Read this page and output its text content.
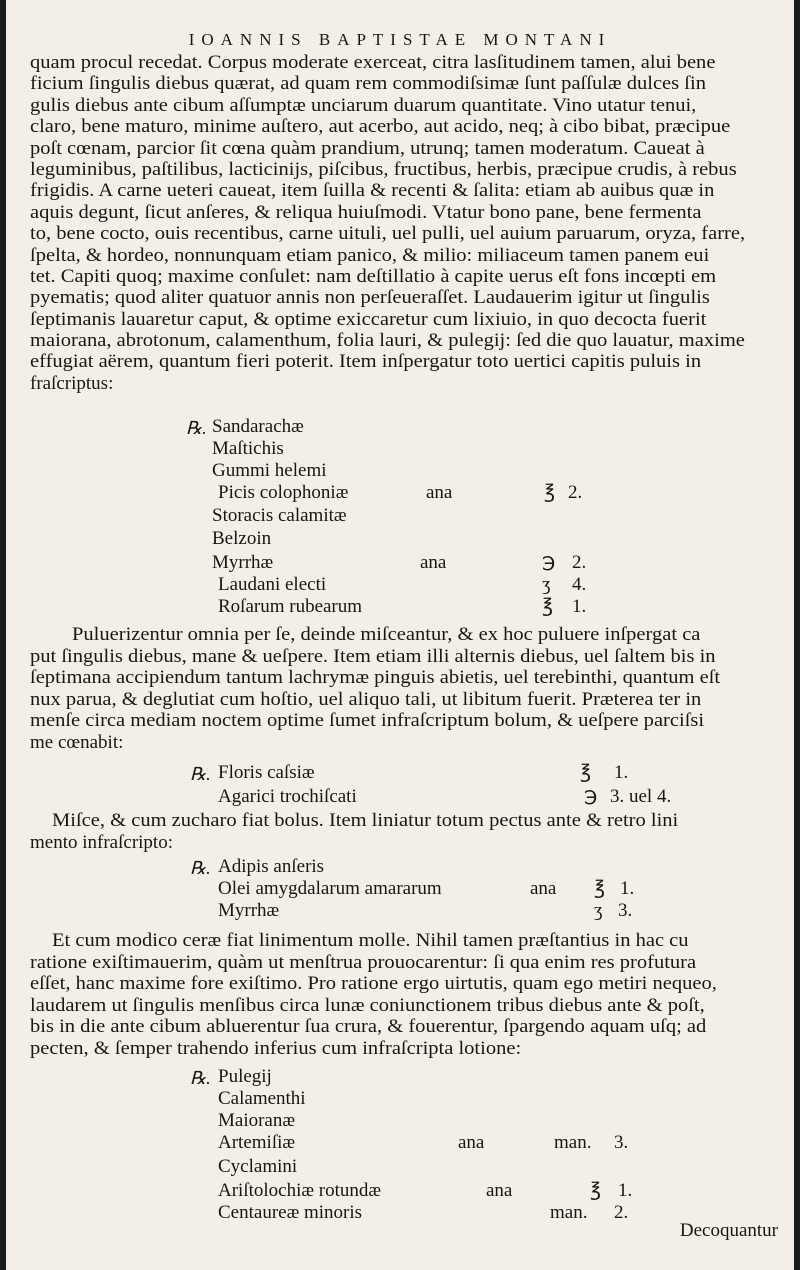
IOANNIS BAPTISTAE MONTANI
quam procul recedat. Corpus moderate exerceat, citra lasſitudinem tamen, alui bene
ficium ſingulis diebus quærat, ad quam rem commodiſsimæ ſunt paſſulæ dulces ſin
gulis diebus ante cibum aſſumptæ unciarum duarum quantitate. Vino utatur tenui,
claro, bene maturo, minime auſtero, aut acerbo, aut acido, neq; à cibo bibat, præcipue
poſt cœnam, parcior ſit cœna quàm prandium, utrunq; tamen moderatum. Caueat à
leguminibus, paſtilibus, lacticinijs, piſcibus, fructibus, herbis, præcipue crudis, à rebus
frigidis. A carne ueteri caueat, item ſuilla & recenti & ſalita: etiam ab auibus quæ in
aquis degunt, ſicut anſeres, & reliqua huiuſmodi. Vtatur bono pane, bene fermenta
to, bene cocto, ouis recentibus, carne uituli, uel pulli, uel auium paruarum, oryza, farre,
ſpelta, & hordeo, nonnunquam etiam panico, & milio: miliaceum tamen panem eui
tet. Capiti quoq; maxime conſulet: nam deſtillatio à capite uerus eſt fons incœpti em
pyematis; quod aliter quatuor annis non perſeueraſſet. Laudauerim igitur ut ſingulis
ſeptimanis lauaretur caput, & optime exiccaretur cum lixiuio, in quo decocta fuerit
maiorana, abrotonum, calamenthum, folia lauri, & pulegij: ſed die quo lauatur, maxime
effugiat aërem, quantum fieri poterit. Item inſpergatur toto uertici capitis puluis in
fraſcriptus:
℞. Sandarachæ
Maſtichis
Gummi helemi
Picis colophoniæ	ana	℥ 2.
Storacis calamitæ
Belzoin
Myrrhæ	ana	℈ 2.
Laudani electi	ʒ 4.
Roſarum rubearum	℥ 1.
Puluerizentur omnia per ſe, deinde miſceantur, & ex hoc puluere inſpergat ca
put ſingulis diebus, mane & ueſpere. Item etiam illi alternis diebus, uel ſaltem bis in
ſeptimana accipiendum tantum lachrymæ pinguis abietis, uel terebinthi, quantum eſt
nux parua, & deglutiat cum hoſtio, uel aliquo tali, ut libitum fuerit. Præterea ter in
menſe circa mediam noctem optime ſumet infraſcriptum bolum, & ueſpere parciſsi
me cœnabit:
℞. Floris caſsiæ	℥ 1.
Agarici trochiſcati	℈ 3. uel 4.
Miſce, & cum zucharo fiat bolus. Item liniatur totum pectus ante & retro lini
mento infraſcripto:
℞. Adipis anſeris
Olei amygdalarum amararum	ana ℥ 1.
Myrrhæ	ʒ 3.
Et cum modico ceræ fiat linimentum molle. Nihil tamen præſtantius in hac cu
ratione exiſtimauerim, quàm ut menſtrua prouocarentur: ſi qua enim res profutura
eſſet, hanc maxime fore exiſtimo. Pro ratione ergo uirtutis, quam ego metiri nequeo,
laudarem ut ſingulis menſibus circa lunæ coniunctionem tribus diebus ante & poſt,
bis in die ante cibum abluerentur ſua crura, & fouerentur, ſpargendo aquam uſq; ad
pecten, & ſemper trahendo inferius cum infraſcripta lotione:
℞. Pulegij
Calamenthi
Maioranæ
Artemiſiæ	ana	man. 3.
Cyclamini
Ariſtolochiæ rotundæ	ana	℥ 1.
Centaureæ minoris	man. 2.
Decoquantur
